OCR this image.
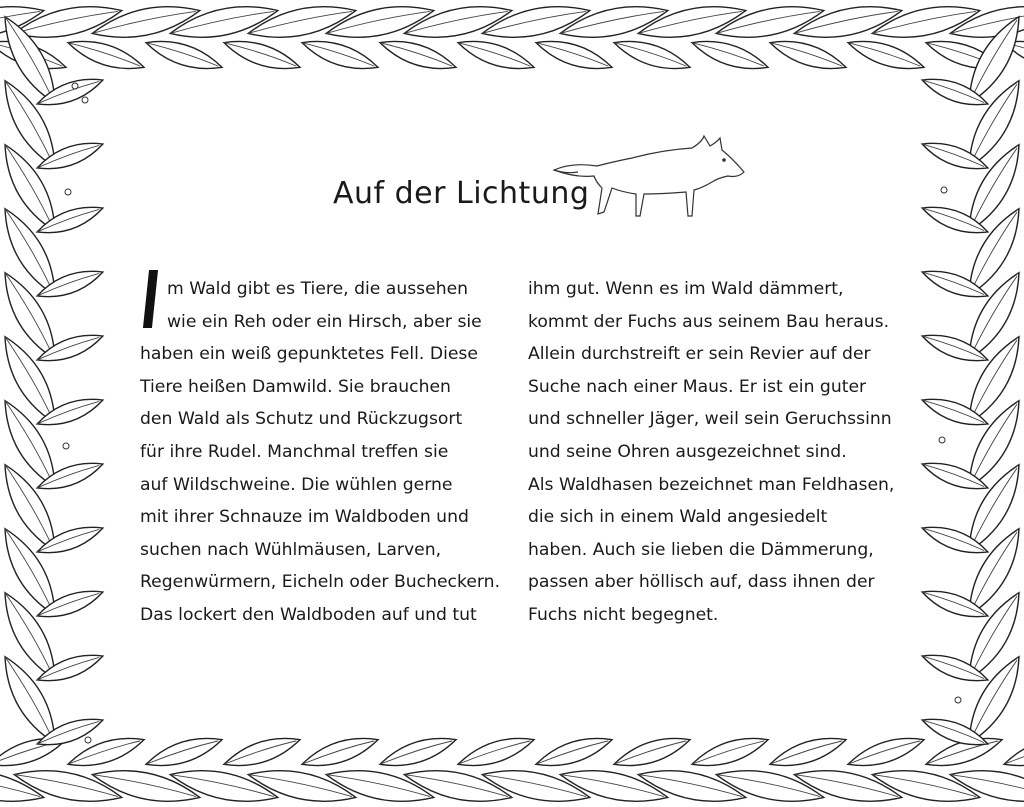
Auf der Lichtung
m Wald gibt es Tiere, die aussehen
wie ein Reh oder ein Hirsch, aber sie
haben ein weiß gepunktetes Fell. Diese
Tiere heißen Damwild. Sie brauchen
den Wald als Schutz und Rückzugsort
für ihre Rudel. Manchmal treffen sie
auf Wildschweine. Die wühlen gerne
mit ihrer Schnauze im Waldboden und
suchen nach Wühlmäusen, Larven,
Regenwürmern, Eicheln oder Bucheckern.
Das lockert den Waldboden auf und tut
ihm gut. Wenn es im Wald dämmert,
kommt der Fuchs aus seinem Bau heraus.
Allein durchstreift er sein Revier auf der
Suche nach einer Maus. Er ist ein guter
und schneller Jäger, weil sein Geruchssinn
und seine Ohren ausgezeichnet sind.
Als Waldhasen bezeichnet man Feldhasen,
die sich in einem Wald angesiedelt
haben. Auch sie lieben die Dämmerung,
passen aber höllisch auf, dass ihnen der
Fuchs nicht begegnet.
